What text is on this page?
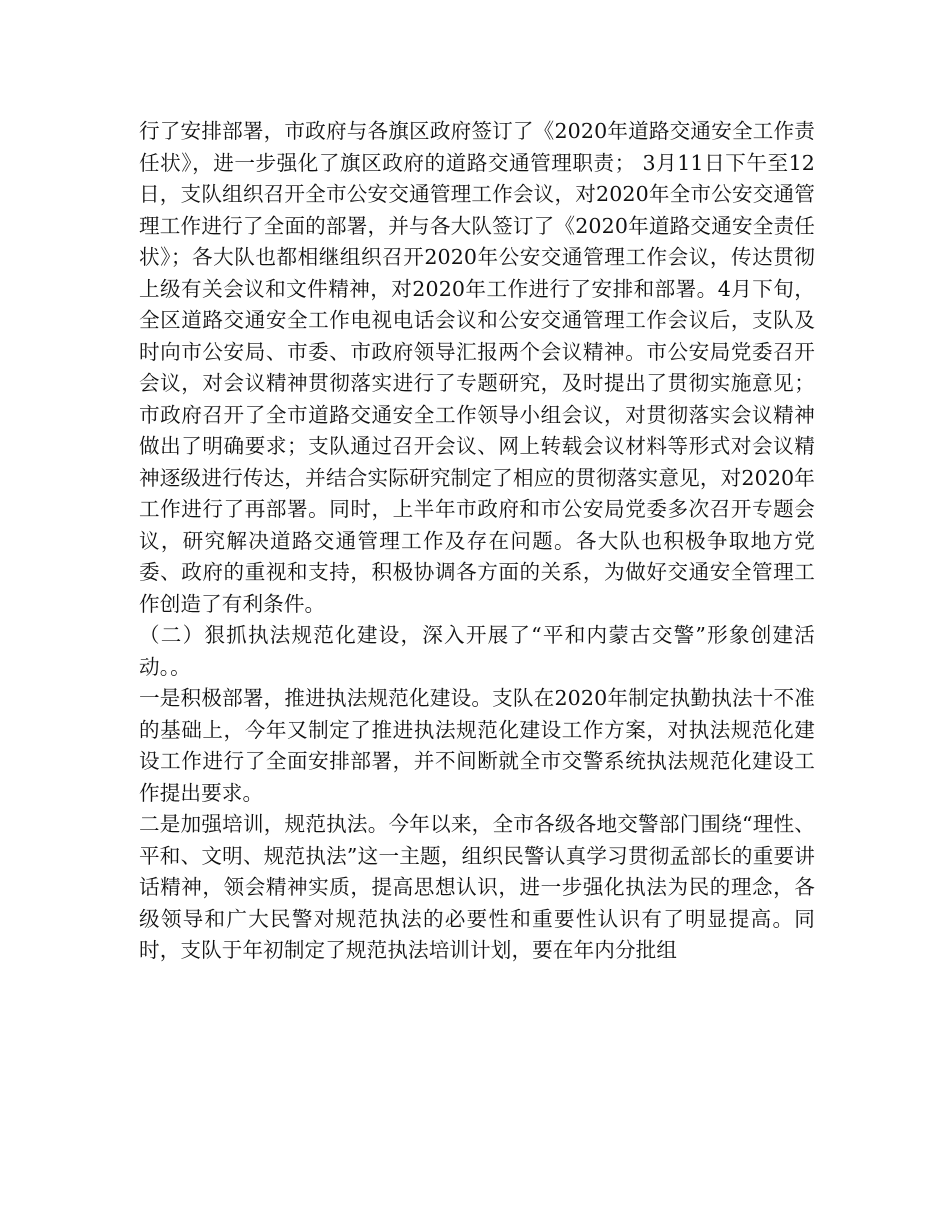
行了安排部署，市政府与各旗区政府签订了《2020年道路交通安全工作责任状》，进一步强化了旗区政府的道路交通管理职责； 3月11日下午至12日，支队组织召开全市公安交通管理工作会议，对2020年全市公安交通管理工作进行了全面的部署，并与各大队签订了《2020年道路交通安全责任状》；各大队也都相继组织召开2020年公安交通管理工作会议，传达贯彻上级有关会议和文件精神，对2020年工作进行了安排和部署。4月下旬，全区道路交通安全工作电视电话会议和公安交通管理工作会议后，支队及时向市公安局、市委、市政府领导汇报两个会议精神。市公安局党委召开会议，对会议精神贯彻落实进行了专题研究，及时提出了贯彻实施意见；市政府召开了全市道路交通安全工作领导小组会议，对贯彻落实会议精神做出了明确要求；支队通过召开会议、网上转载会议材料等形式对会议精神逐级进行传达，并结合实际研究制定了相应的贯彻落实意见，对2020年工作进行了再部署。同时，上半年市政府和市公安局党委多次召开专题会议，研究解决道路交通管理工作及存在问题。各大队也积极争取地方党委、政府的重视和支持，积极协调各方面的关系，为做好交通安全管理工作创造了有利条件。

（二）狠抓执法规范化建设，深入开展了“平和内蒙古交警”形象创建活动。。

一是积极部署，推进执法规范化建设。支队在2020年制定执勤执法十不准的基础上，今年又制定了推进执法规范化建设工作方案，对执法规范化建设工作进行了全面安排部署，并不间断就全市交警系统执法规范化建设工作提出要求。

二是加强培训，规范执法。今年以来，全市各级各地交警部门围绕“理性、平和、文明、规范执法”这一主题，组织民警认真学习贯彻孟部长的重要讲话精神，领会精神实质，提高思想认识，进一步强化执法为民的理念，各级领导和广大民警对规范执法的必要性和重要性认识有了明显提高。同时，支队于年初制定了规范执法培训计划，要在年内分批组
